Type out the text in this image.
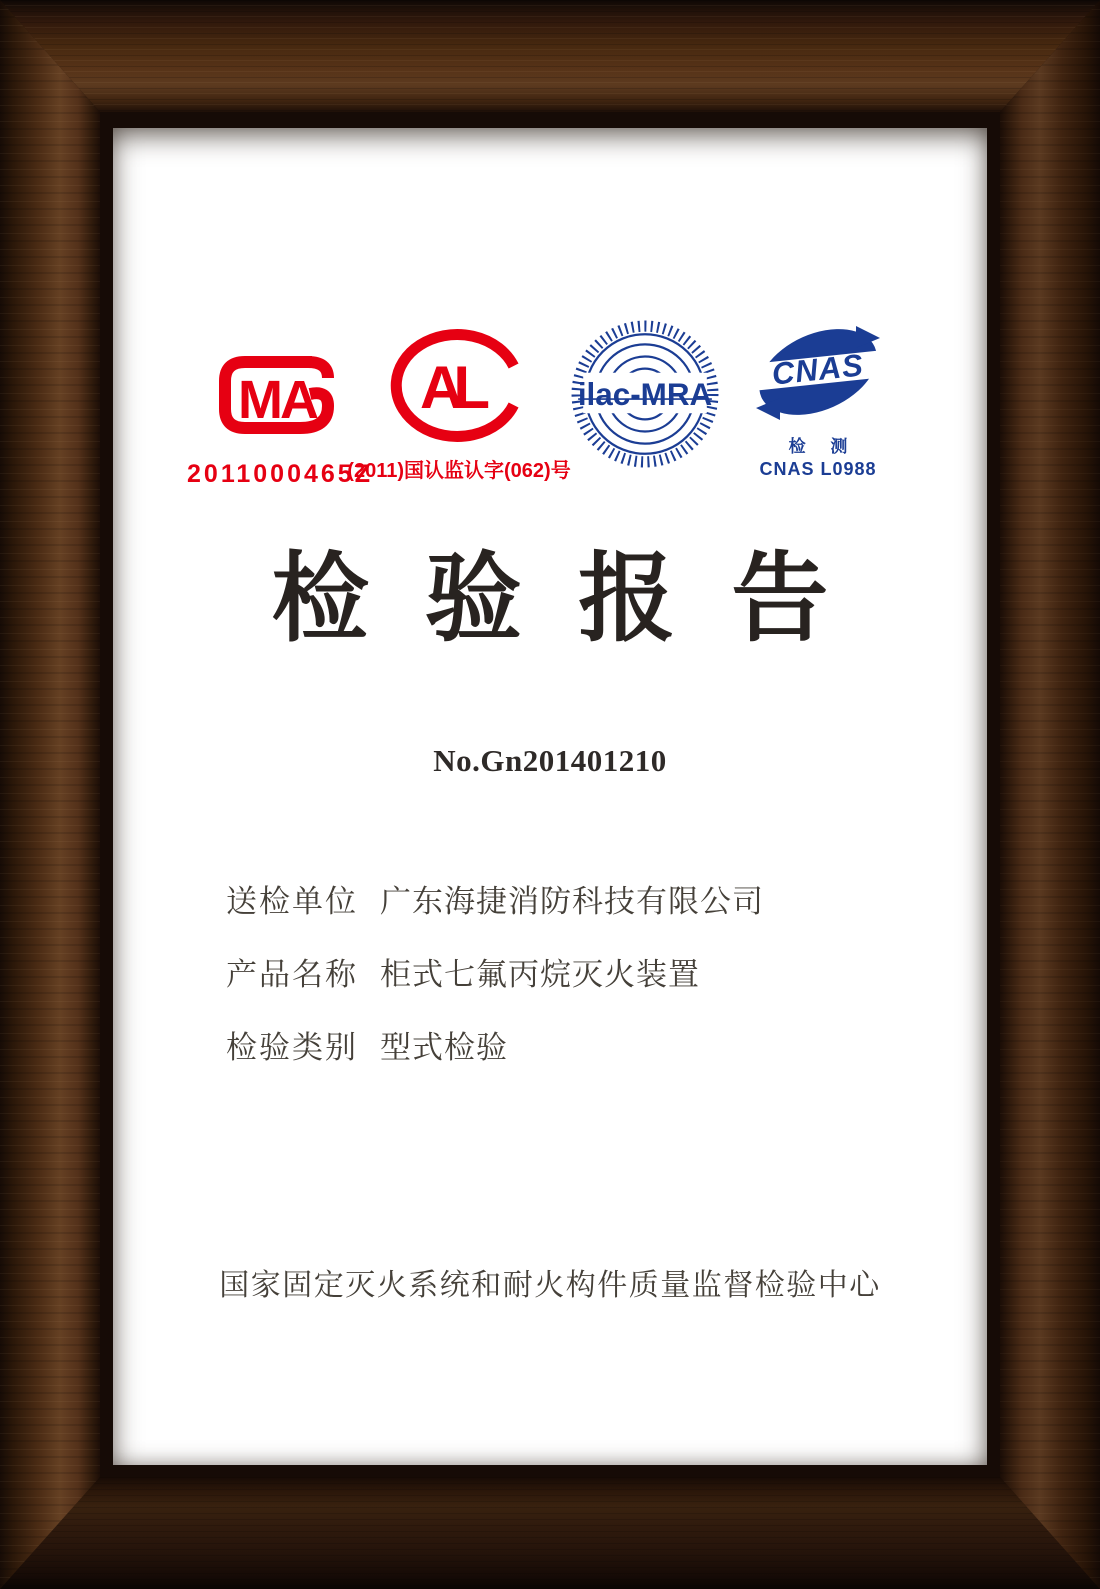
MA
2011000465Z
AL
(2011)国认监认字(062)号
ilac-MRA
CNAS
检 测
CNAS L0988
检验报告
No.Gn201401210
送检单位 广东海捷消防科技有限公司
产品名称 柜式七氟丙烷灭火装置
检验类别 型式检验
国家固定灭火系统和耐火构件质量监督检验中心
